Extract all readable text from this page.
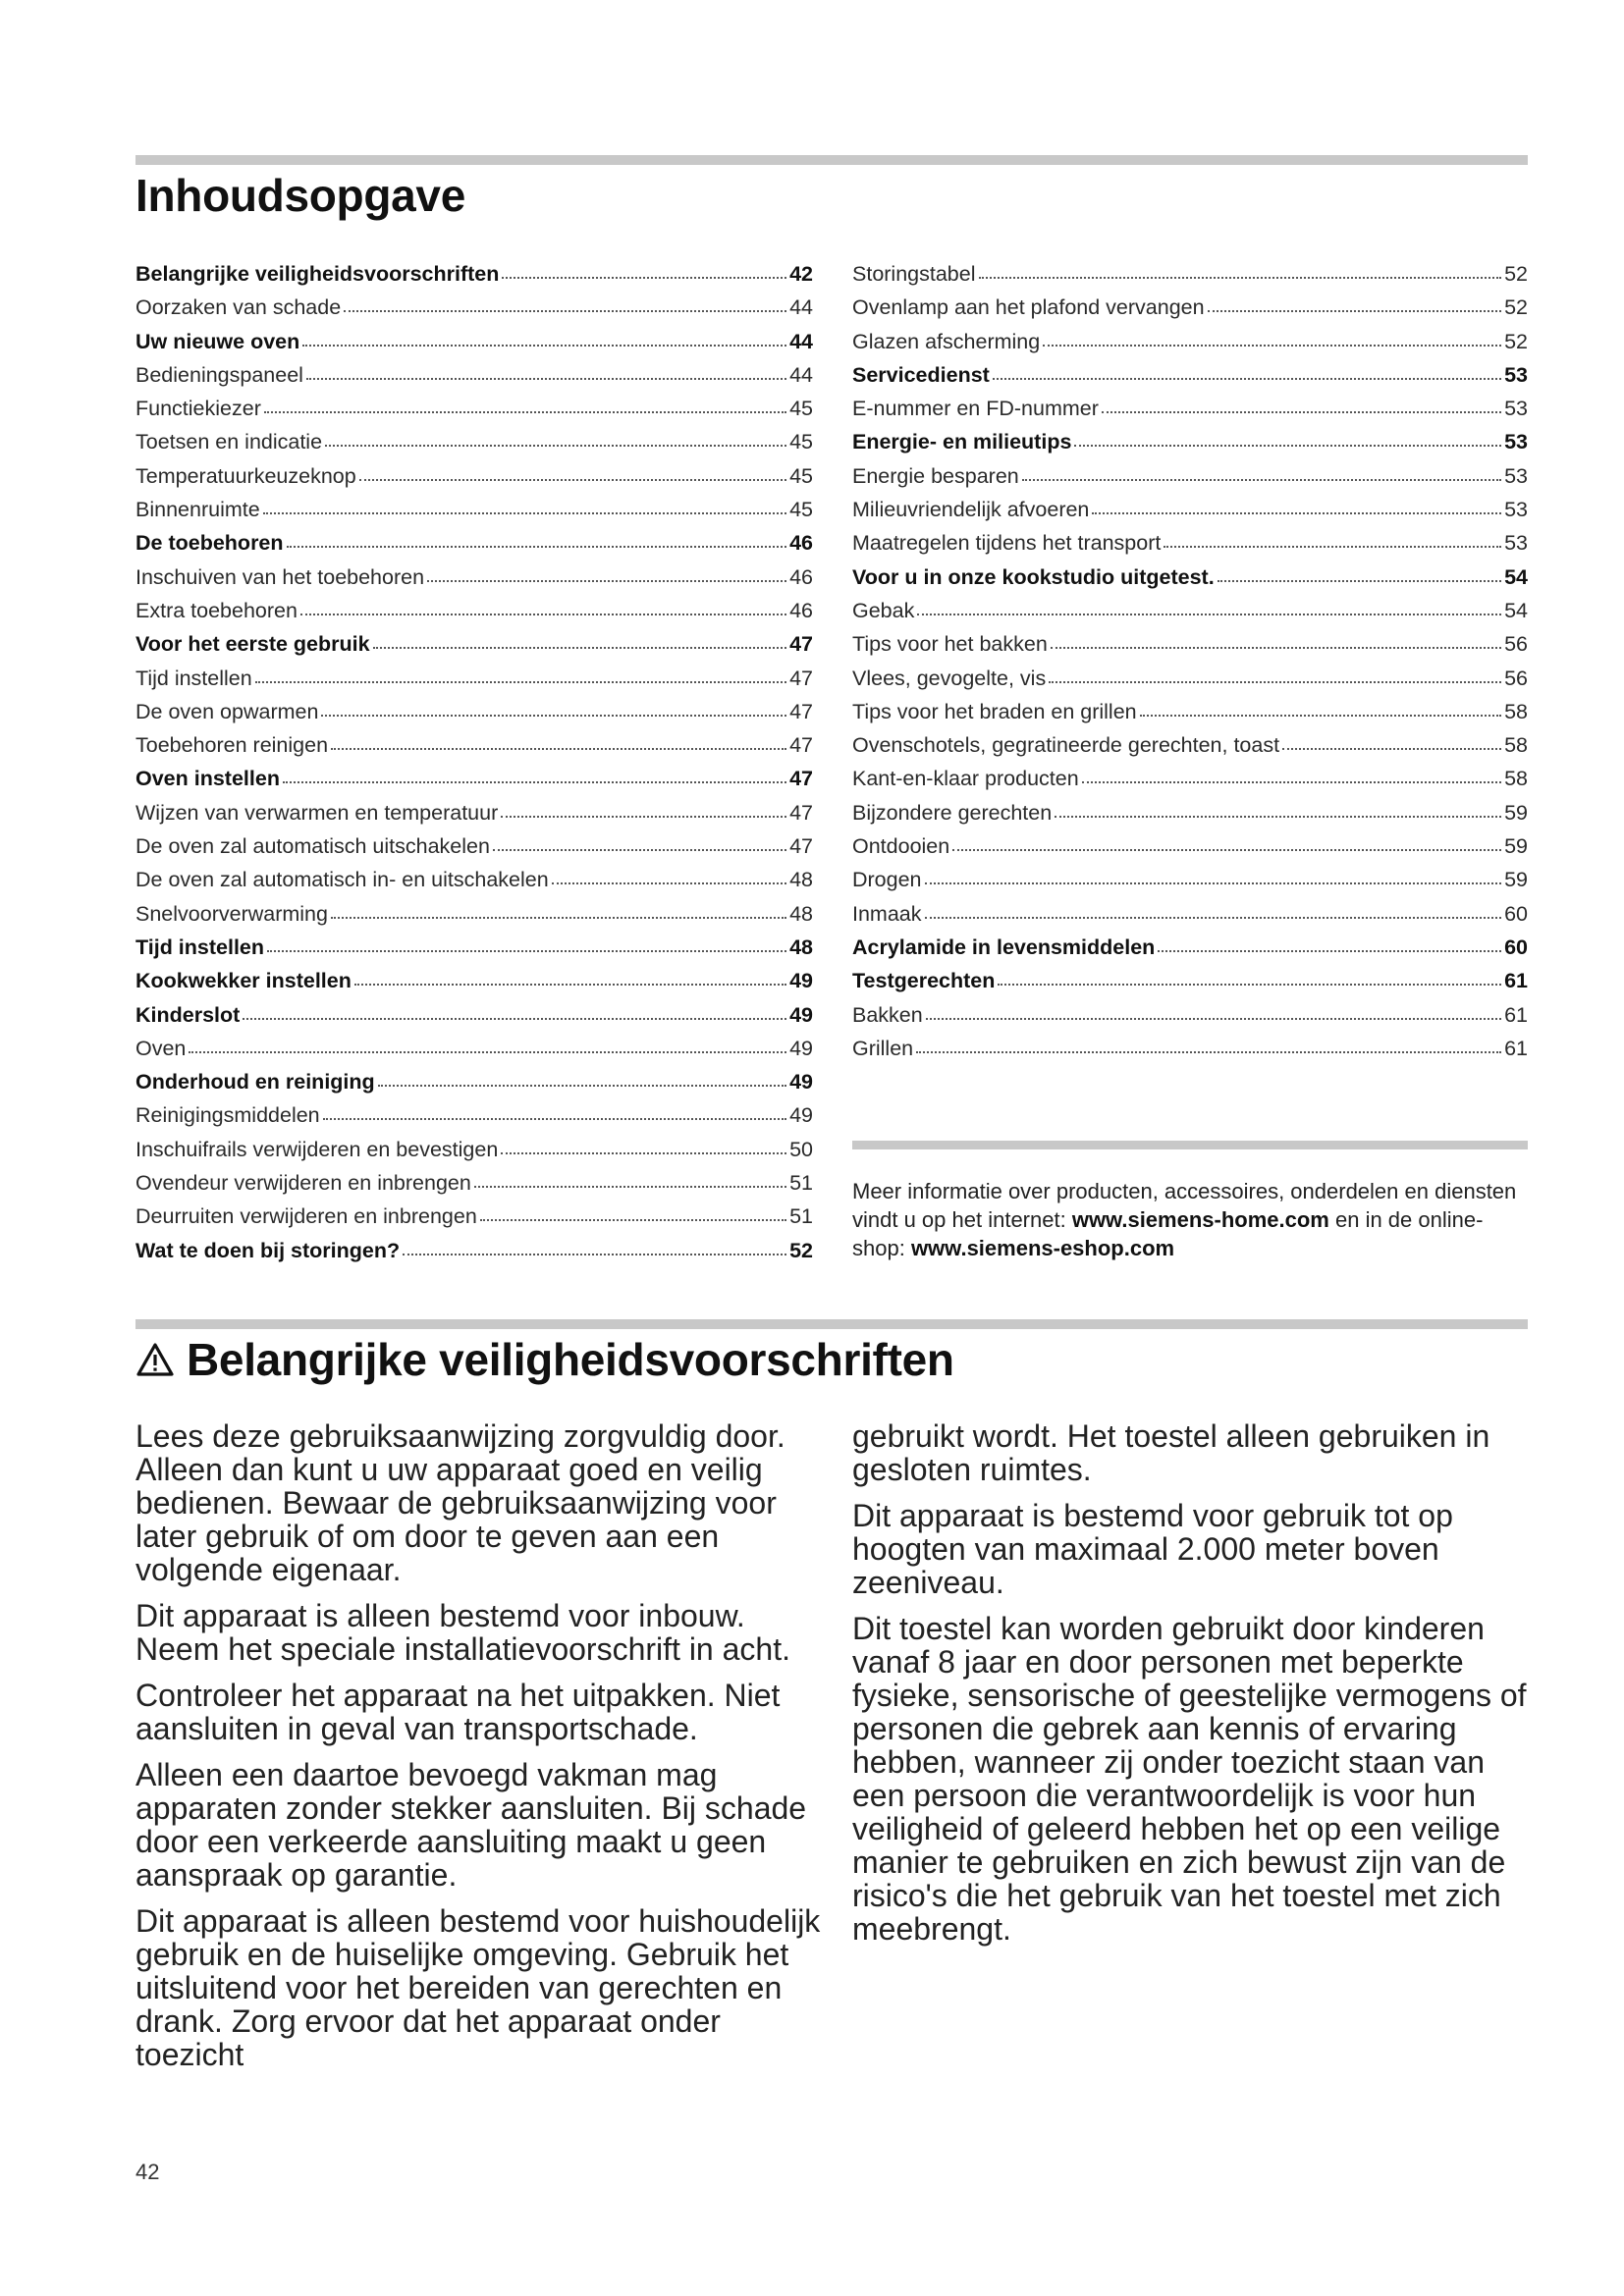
Inhoudsopgave
Belangrijke veiligheidsvoorschriften	42
Oorzaken van schade	44
Uw nieuwe oven	44
Bedieningspaneel	44
Functiekiezer	45
Toetsen en indicatie	45
Temperatuurkeuzeknop	45
Binnenruimte	45
De toebehoren	46
Inschuiven van het toebehoren	46
Extra toebehoren	46
Voor het eerste gebruik	47
Tijd instellen	47
De oven opwarmen	47
Toebehoren reinigen	47
Oven instellen	47
Wijzen van verwarmen en temperatuur	47
De oven zal automatisch uitschakelen	47
De oven zal automatisch in- en uitschakelen	48
Snelvoorverwarming	48
Tijd instellen	48
Kookwekker instellen	49
Kinderslot	49
Oven	49
Onderhoud en reiniging	49
Reinigingsmiddelen	49
Inschuifrails verwijderen en bevestigen	50
Ovendeur verwijderen en inbrengen	51
Deurruiten verwijderen en inbrengen	51
Wat te doen bij storingen?	52
Storingstabel	52
Ovenlamp aan het plafond vervangen	52
Glazen afscherming	52
Servicedienst	53
E-nummer en FD-nummer	53
Energie- en milieutips	53
Energie besparen	53
Milieuvriendelijk afvoeren	53
Maatregelen tijdens het transport	53
Voor u in onze kookstudio uitgetest.	54
Gebak	54
Tips voor het bakken	56
Vlees, gevogelte, vis	56
Tips voor het braden en grillen	58
Ovenschotels, gegratineerde gerechten, toast	58
Kant-en-klaar producten	58
Bijzondere gerechten	59
Ontdooien	59
Drogen	59
Inmaak	60
Acrylamide in levensmiddelen	60
Testgerechten	61
Bakken	61
Grillen	61
Meer informatie over producten, accessoires, onderdelen en diensten vindt u op het internet: www.siemens-home.com en in de online-shop: www.siemens-eshop.com
Belangrijke veiligheidsvoorschriften

Lees deze gebruiksaanwijzing zorgvuldig door. Alleen dan kunt u uw apparaat goed en veilig bedienen. Bewaar de gebruiksaanwijzing voor later gebruik of om door te geven aan een volgende eigenaar.

Dit apparaat is alleen bestemd voor inbouw. Neem het speciale installatievoorschrift in acht.

Controleer het apparaat na het uitpakken. Niet aansluiten in geval van transportschade.

Alleen een daartoe bevoegd vakman mag apparaten zonder stekker aansluiten. Bij schade door een verkeerde aansluiting maakt u geen aanspraak op garantie.

Dit apparaat is alleen bestemd voor huishoudelijk gebruik en de huiselijke omgeving. Gebruik het uitsluitend voor het bereiden van gerechten en drank. Zorg ervoor dat het apparaat onder toezicht

gebruikt wordt. Het toestel alleen gebruiken in gesloten ruimtes.

Dit apparaat is bestemd voor gebruik tot op hoogten van maximaal 2.000 meter boven zeeniveau.

Dit toestel kan worden gebruikt door kinderen vanaf 8 jaar en door personen met beperkte fysieke, sensorische of geestelijke vermogens of personen die gebrek aan kennis of ervaring hebben, wanneer zij onder toezicht staan van een persoon die verantwoordelijk is voor hun veiligheid of geleerd hebben het op een veilige manier te gebruiken en zich bewust zijn van de risico's die het gebruik van het toestel met zich meebrengt.

42
